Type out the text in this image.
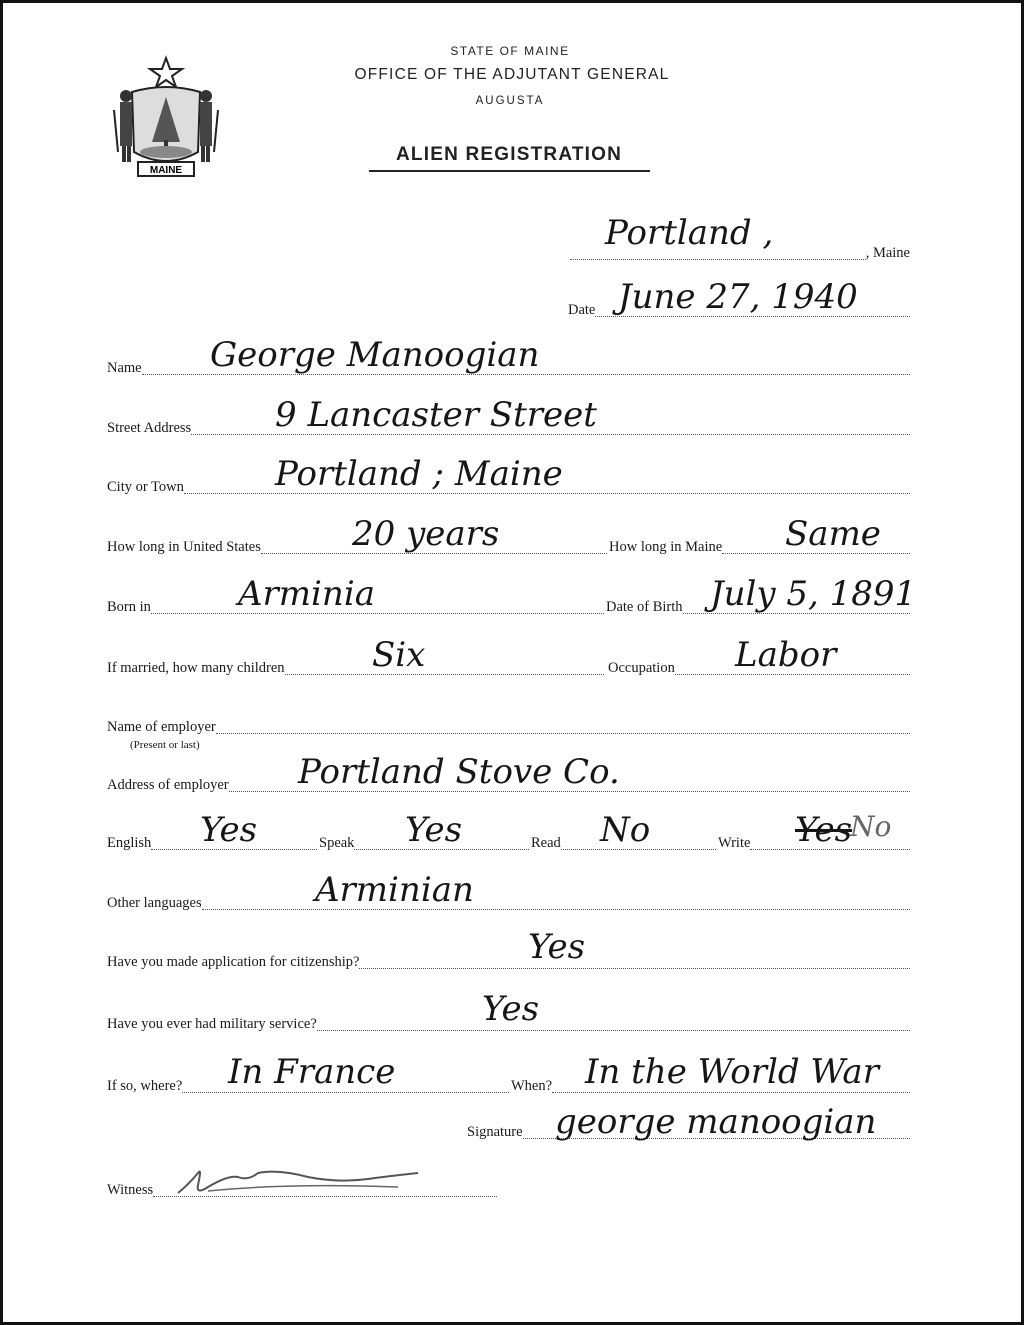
MAINE
STATE OF MAINE
OFFICE OF THE ADJUTANT GENERAL
AUGUSTA
ALIEN REGISTRATION
, Maine
Portland ,
Date June 27, 1940
Name George Manoogian
Street Address 9 Lancaster Street
City or Town	Portland ; Maine
How long in United States	20 years	How long in Maine Same
Born in	Arminia	Date of Birth July 5, 1891
If married, how many children	Six	Occupation Labor
Name of employer
(Present or last)
Address of employer Portland Stove Co.
English Yes	Speak Yes	Read No	Write Yes
No
Other languages	Arminian
Have you made application for citizenship?	Yes
Have you ever had military service?	Yes
If so, where? In France	When? In the World War
Signature george manoogian
Witness
